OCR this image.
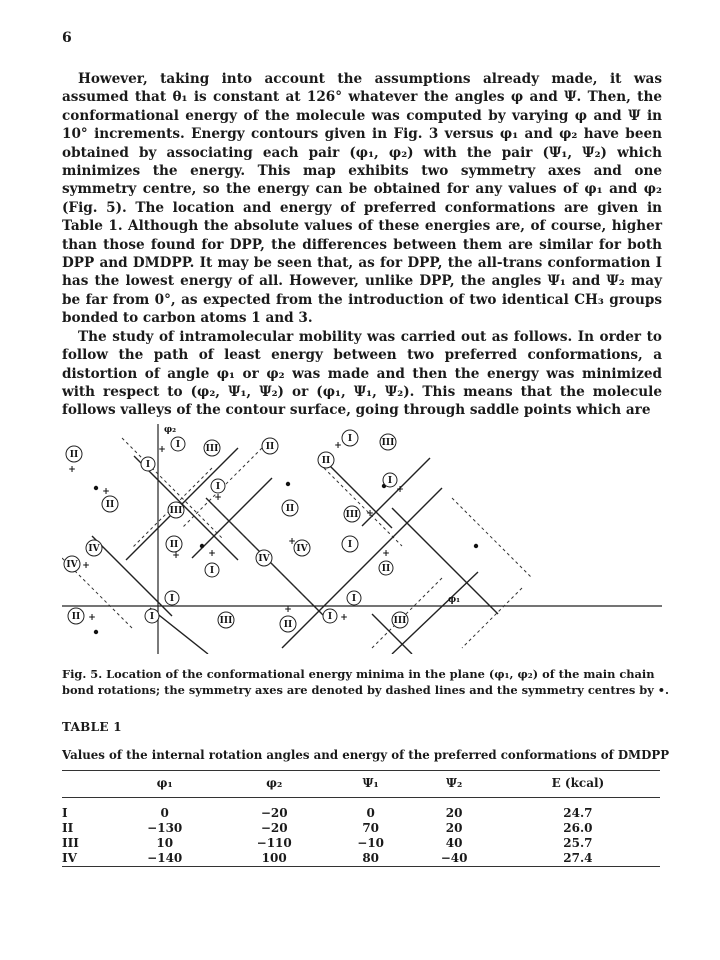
6

However, taking into account the assumptions already made, it was assumed that θ₁ is constant at 126° whatever the angles φ and Ψ. Then, the conformational energy of the molecule was computed by varying φ and Ψ in 10° increments. Energy contours given in Fig. 3 versus φ₁ and φ₂ have been obtained by associating each pair (φ₁, φ₂) with the pair (Ψ₁, Ψ₂) which minimizes the energy. This map exhibits two symmetry axes and one symmetry centre, so the energy can be obtained for any values of φ₁ and φ₂ (Fig. 5). The location and energy of preferred conformations are given in Table 1. Although the absolute values of these energies are, of course, higher than those found for DPP, the differences between them are similar for both DPP and DMDPP. It may be seen that, as for DPP, the all-trans conformation I has the lowest energy of all. However, unlike DPP, the angles Ψ₁ and Ψ₂ may be far from 0°, as expected from the introduction of two identical CH₃ groups bonded to carbon atoms 1 and 3.

The study of intramolecular mobility was carried out as follows. In order to follow the path of least energy between two preferred conformations, a distortion of angle φ₁ or φ₂ was made and then the energy was minimized with respect to (φ₂, Ψ₁, Ψ₂) or (φ₁, Ψ₁, Ψ₂). This means that the molecule follows valleys of the contour surface, going through saddle points which are

II
I
I	III	II
I
II
III
II
III
I
II
III
I
II
IV
IV
I
IV
IV	I
II
II	I
I
III	II
I
I
III
+
+	+
+
+
+
+
+
+
+
+
+
+
+
+
φ₂
φ₁

Fig. 5. Location of the conformational energy minima in the plane (φ₁, φ₂) of the main chain bond rotations; the symmetry axes are denoted by dashed lines and the symmetry centres by •.

TABLE 1
Values of the internal rotation angles and energy of the preferred conformations of DMDPP
	φ₁	φ₂	Ψ₁	Ψ₂	E (kcal)
I	0	−20	0	20	24.7
II	−130	−20	70	20	26.0
III	10	−110	−10	40	25.7
IV	−140	100	80	−40	27.4
